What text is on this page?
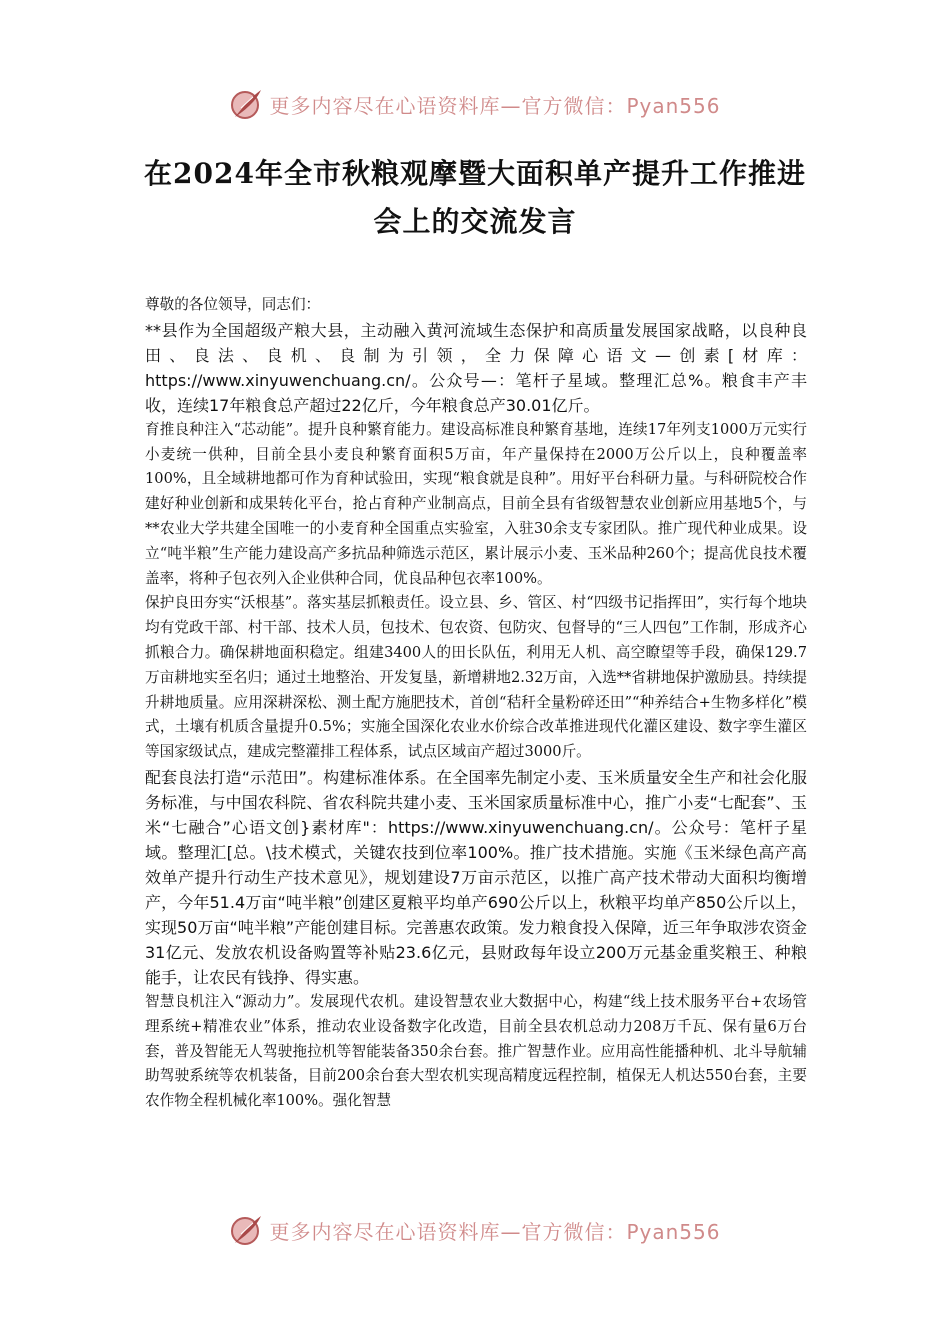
更多内容尽在心语资料库—官方微信：Pyan556
在2024年全市秋粮观摩暨大面积单产提升工作推进会上的交流发言

尊敬的各位领导，同志们：

**县作为全国超级产粮大县，主动融入黄河流域生态保护和高质量发展国家战略，以良种良田、良法、良机、良制为引领，全力保障心语文—创素[材库：https://www.xinyuwenchuang.cn/。公众号—：笔杆子星域。整理汇总%。粮食丰产丰收，连续17年粮食总产超过22亿斤，今年粮食总产30.01亿斤。

育推良种注入“芯动能”。提升良种繁育能力。建设高标准良种繁育基地，连续17年列支1000万元实行小麦统一供种，目前全县小麦良种繁育面积5万亩，年产量保持在2000万公斤以上，良种覆盖率100%，且全域耕地都可作为育种试验田，实现“粮食就是良种”。用好平台科研力量。与科研院校合作建好种业创新和成果转化平台，抢占育种产业制高点，目前全县有省级智慧农业创新应用基地5个，与**农业大学共建全国唯一的小麦育种全国重点实验室，入驻30余支专家团队。推广现代种业成果。设立“吨半粮”生产能力建设高产多抗品种筛选示范区，累计展示小麦、玉米品种260个；提高优良技术覆盖率，将种子包衣列入企业供种合同，优良品种包衣率100%。

保护良田夯实“沃根基”。落实基层抓粮责任。设立县、乡、管区、村“四级书记指挥田”，实行每个地块均有党政干部、村干部、技术人员，包技术、包农资、包防灾、包督导的“三人四包”工作制，形成齐心抓粮合力。确保耕地面积稳定。组建3400人的田长队伍，利用无人机、高空瞭望等手段，确保129.7万亩耕地实至名归；通过土地整治、开发复垦，新增耕地2.32万亩，入选**省耕地保护激励县。持续提升耕地质量。应用深耕深松、测土配方施肥技术，首创“秸秆全量粉碎还田”“种养结合+生物多样化”模式，土壤有机质含量提升0.5%；实施全国深化农业水价综合改革推进现代化灌区建设、数字孪生灌区等国家级试点，建成完整灌排工程体系，试点区域亩产超过3000斤。

配套良法打造“示范田”。构建标准体系。在全国率先制定小麦、玉米质量安全生产和社会化服务标准，与中国农科院、省农科院共建小麦、玉米国家质量标准中心，推广小麦“七配套”、玉米“七融合”心语文创}素材库"：https://www.xinyuwenchuang.cn/。公众号：笔杆子星域。整理汇[总。\技术模式，关键农技到位率100%。推广技术措施。实施《玉米绿色高产高效单产提升行动生产技术意见》，规划建设7万亩示范区，以推广高产技术带动大面积均衡增产，今年51.4万亩“吨半粮”创建区夏粮平均单产690公斤以上，秋粮平均单产850公斤以上，实现50万亩“吨半粮”产能创建目标。完善惠农政策。发力粮食投入保障，近三年争取涉农资金31亿元、发放农机设备购置等补贴23.6亿元，县财政每年设立200万元基金重奖粮王、种粮能手，让农民有钱挣、得实惠。

智慧良机注入“源动力”。发展现代农机。建设智慧农业大数据中心，构建“线上技术服务平台+农场管理系统+精准农业”体系，推动农业设备数字化改造，目前全县农机总动力208万千瓦、保有量6万台套，普及智能无人驾驶拖拉机等智能装备350余台套。推广智慧作业。应用高性能播种机、北斗导航辅助驾驶系统等农机装备，目前200余台套大型农机实现高精度远程控制，植保无人机达550台套，主要农作物全程机械化率100%。强化智慧

更多内容尽在心语资料库—官方微信：Pyan556
